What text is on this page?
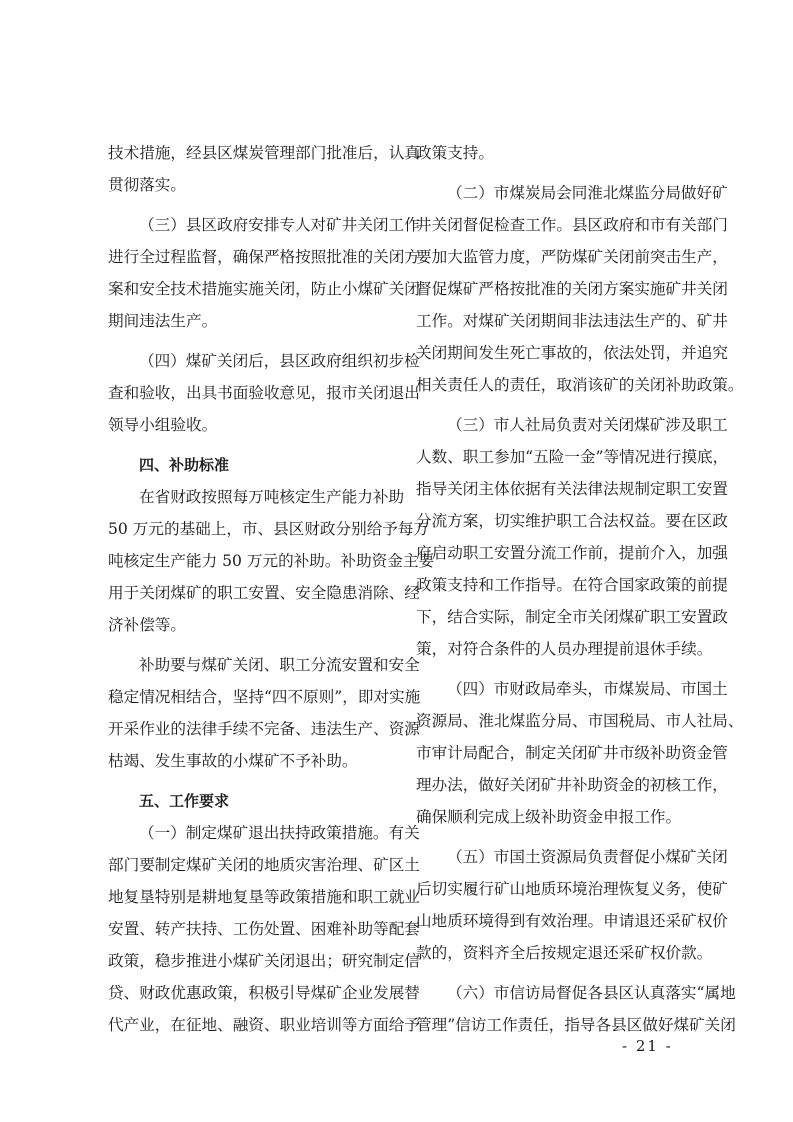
技术措施，经县区煤炭管理部门批准后，认真
贯彻落实。
（三）县区政府安排专人对矿井关闭工作
进行全过程监督，确保严格按照批准的关闭方
案和安全技术措施实施关闭，防止小煤矿关闭
期间违法生产。
（四）煤矿关闭后，县区政府组织初步检
查和验收，出具书面验收意见，报市关闭退出
领导小组验收。
四、补助标准
在省财政按照每万吨核定生产能力补助
50 万元的基础上，市、县区财政分别给予每万
吨核定生产能力 50 万元的补助。补助资金主要
用于关闭煤矿的职工安置、安全隐患消除、经
济补偿等。
补助要与煤矿关闭、职工分流安置和安全
稳定情况相结合，坚持“四不原则”，即对实施
开采作业的法律手续不完备、违法生产、资源
枯竭、发生事故的小煤矿不予补助。
五、工作要求
（一）制定煤矿退出扶持政策措施。有关
部门要制定煤矿关闭的地质灾害治理、矿区土
地复垦特别是耕地复垦等政策措施和职工就业
安置、转产扶持、工伤处置、困难补助等配套
政策，稳步推进小煤矿关闭退出；研究制定信
贷、财政优惠政策，积极引导煤矿企业发展替
代产业，在征地、融资、职业培训等方面给予
政策支持。
（二）市煤炭局会同淮北煤监分局做好矿
井关闭督促检查工作。县区政府和市有关部门
要加大监管力度，严防煤矿关闭前突击生产，
督促煤矿严格按批准的关闭方案实施矿井关闭
工作。对煤矿关闭期间非法违法生产的、矿井
关闭期间发生死亡事故的，依法处罚，并追究
相关责任人的责任，取消该矿的关闭补助政策。
（三）市人社局负责对关闭煤矿涉及职工
人数、职工参加“五险一金”等情况进行摸底，
指导关闭主体依据有关法律法规制定职工安置
分流方案，切实维护职工合法权益。要在区政
府启动职工安置分流工作前，提前介入，加强
政策支持和工作指导。在符合国家政策的前提
下，结合实际，制定全市关闭煤矿职工安置政
策，对符合条件的人员办理提前退休手续。
（四）市财政局牵头，市煤炭局、市国土
资源局、淮北煤监分局、市国税局、市人社局、
市审计局配合，制定关闭矿井市级补助资金管
理办法，做好关闭矿井补助资金的初核工作，
确保顺利完成上级补助资金申报工作。
（五）市国土资源局负责督促小煤矿关闭
后切实履行矿山地质环境治理恢复义务，使矿
山地质环境得到有效治理。申请退还采矿权价
款的，资料齐全后按规定退还采矿权价款。
（六）市信访局督促各县区认真落实“属地
管理”信访工作责任，指导各县区做好煤矿关闭
- 21 -
